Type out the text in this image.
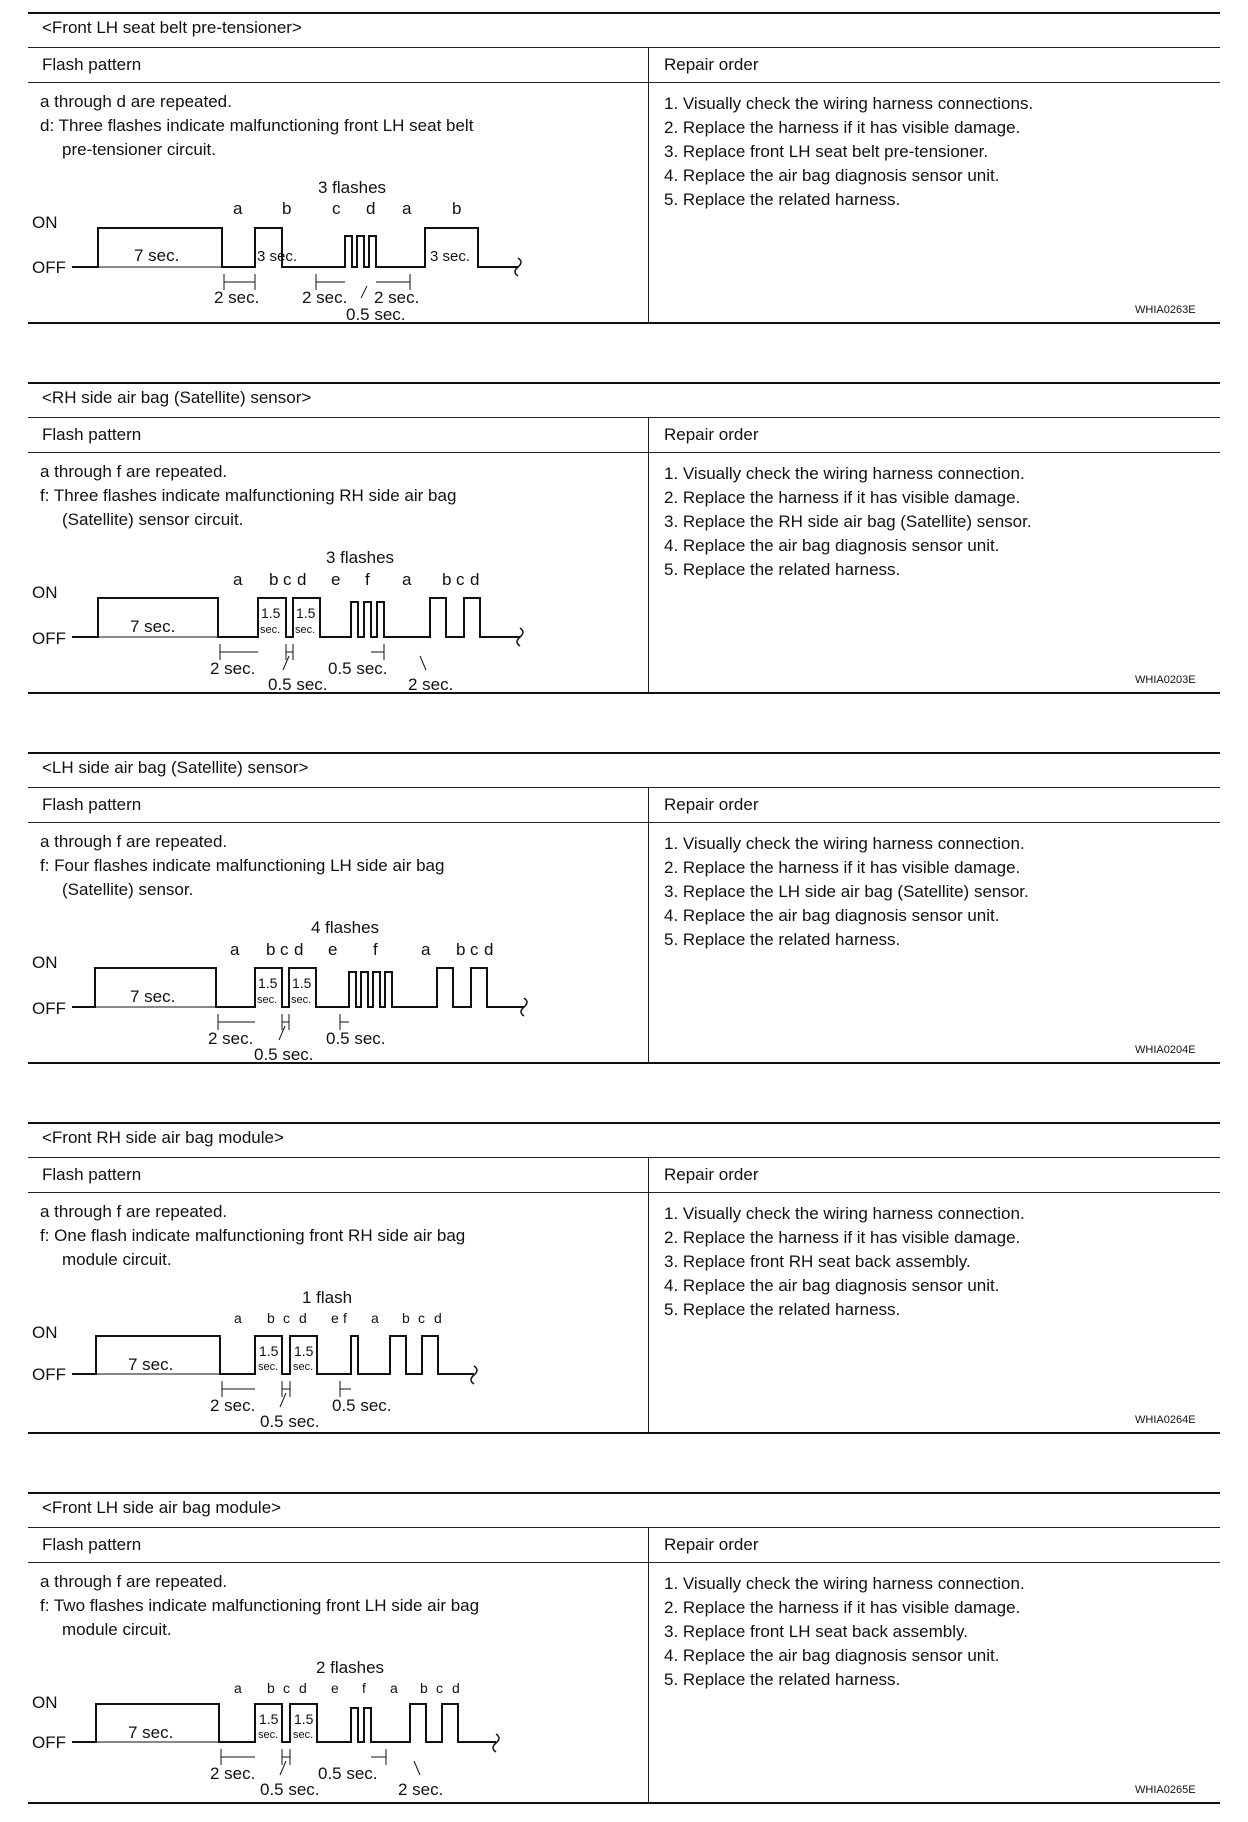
<Front LH seat belt pre-tensioner>
Flash pattern	Repair order
a through d are repeated.
d: Three flashes indicate malfunctioning front LH seat belt
pre-tensioner circuit.
3 flashes
ON
OFF
a b c d a b
7 sec.	3 sec.	3 sec.
2 sec.	2 sec. 2 sec.
0.5 sec.
1. Visually check the wiring harness connections.
2. Replace the harness if it has visible damage.
3. Replace front LH seat belt pre-tensioner.
4. Replace the air bag diagnosis sensor unit.
5. Replace the related harness.
WHIA0263E
<RH side air bag (Satellite) sensor>
Flash pattern	Repair order
a through f are repeated.
f: Three flashes indicate malfunctioning RH side air bag
(Satellite) sensor circuit.
3 flashes
ON
OFF
a b c d e f a b c d
7 sec.
1.5
sec.
1.5
sec.
2 sec.
0.5 sec.
0.5 sec.
2 sec.
1. Visually check the wiring harness connection.
2. Replace the harness if it has visible damage.
3. Replace the RH side air bag (Satellite) sensor.
4. Replace the air bag diagnosis sensor unit.
5. Replace the related harness.
WHIA0203E
<LH side air bag (Satellite) sensor>
Flash pattern	Repair order
a through f are repeated.
f: Four flashes indicate malfunctioning LH side air bag
(Satellite) sensor.
4 flashes
ON
OFF
a b c d e f	a b c d
7 sec.
1.5
sec.
1.5
sec.
2 sec.
0.5 sec.
0.5 sec.
1. Visually check the wiring harness connection.
2. Replace the harness if it has visible damage.
3. Replace the LH side air bag (Satellite) sensor.
4. Replace the air bag diagnosis sensor unit.
5. Replace the related harness.
WHIA0204E
<Front RH side air bag module>
Flash pattern	Repair order
a through f are repeated.
f: One flash indicate malfunctioning front RH side air bag
module circuit.
1 flash
ON
OFF
a b c d e f a b c d
7 sec.
1.5
sec.
1.5
sec.
2 sec.
0.5 sec.
0.5 sec.
1. Visually check the wiring harness connection.
2. Replace the harness if it has visible damage.
3. Replace front RH seat back assembly.
4. Replace the air bag diagnosis sensor unit.
5. Replace the related harness.
WHIA0264E
<Front LH side air bag module>
Flash pattern	Repair order
a through f are repeated.
f: Two flashes indicate malfunctioning front LH side air bag
module circuit.
2 flashes
ON
OFF
a b c d e f a b c d
7 sec.
1.5
sec.
1.5
sec.
2 sec.
0.5 sec.
0.5 sec.
2 sec.
1. Visually check the wiring harness connection.
2. Replace the harness if it has visible damage.
3. Replace front LH seat back assembly.
4. Replace the air bag diagnosis sensor unit.
5. Replace the related harness.
WHIA0265E
